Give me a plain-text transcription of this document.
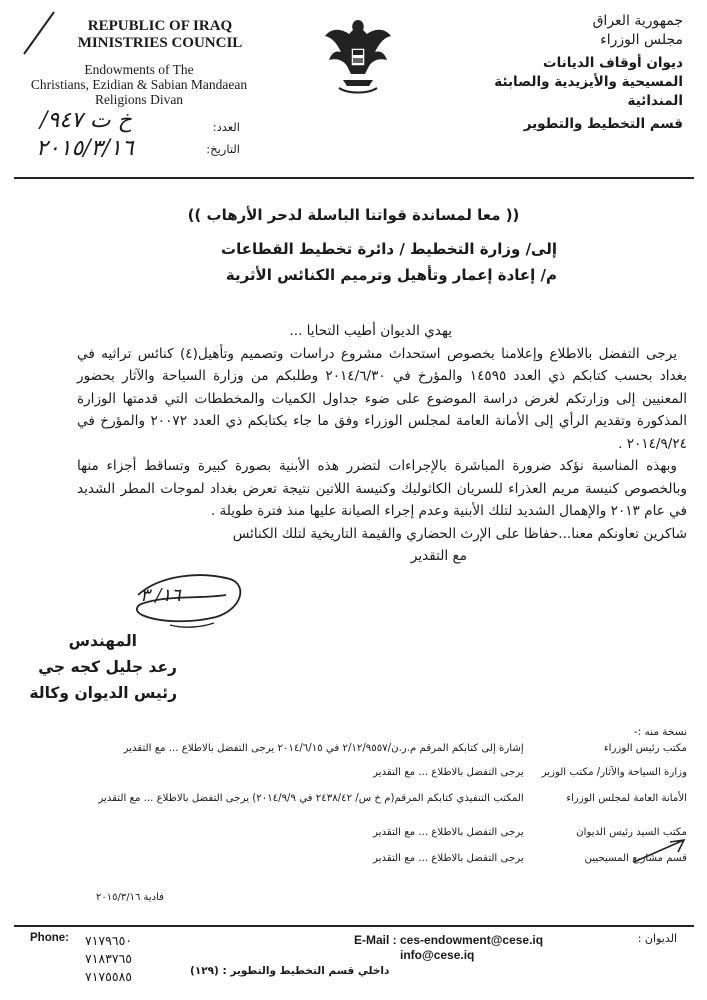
REPUBLIC OF IRAQ
MINISTRIES COUNCIL
Endowments of The
Christians, Ezidian & Sabian Mandaean
Religions Divan
جمهورية العراق
مجلس الوزراء
ديوان أوقاف الديانات
المسيحية والأيزيدية والصابئة المندائية
قسم التخطيط والتطوير
العدد:
التاريخ:
خ ت ٩٤٧/
٢٠١٥/٣/١٦
(( معا لمساندة قواتنا الباسلة لدحر الأرهاب ))
إلى/ وزارة التخطيط / دائرة تخطيط القطاعات
م/ إعادة إعمار وتأهيل وترميم الكنائس الأثرية

يهدي الديوان أطيب التحايا ...

يرجى التفضل بالاطلاع وإعلامنا بخصوص استحداث مشروع دراسات وتصميم وتأهيل(٤) كنائس تراثيه في بغداد بحسب كتابكم ذي العدد ١٤٥٩٥ والمؤرخ في ٢٠١٤/٦/٣٠ وطلبكم من وزارة السياحة والآثار بحضور المعنيين إلى وزارتكم لغرض دراسة الموضوع على ضوء جداول الكميات والمخططات التي قدمتها الوزارة المذكورة وتقديم الرأي إلى الأمانة العامة لمجلس الوزراء وفق ما جاء بكتابكم ذي العدد ٢٠٠٧٢ والمؤرخ في ٢٠١٤/٩/٢٤ .

وبهذه المناسبة نؤكد ضرورة المباشرة بالإجراءات لتضرر هذه الأبنية بصورة كبيرة وتساقط أجزاء منها وبالخصوص كنيسة مريم العذراء للسريان الكاثوليك وكنيسة اللاتين نتيجة تعرض بغداد لموجات المطر الشديد في عام ٢٠١٣ والإهمال الشديد لتلك الأبنية وعدم إجراء الصيانة عليها منذ فترة طويلة .

شاكرين تعاونكم معنا...حفاظا على الإرث الحضاري والقيمة التاريخية لتلك الكنائس

مع التقدير

١٦/ ٣
المهندس
رعد جليل كجه جي
رئيس الديوان وكالة
نسخة منه :-
مكتب رئيس الوزراء إشارة إلى كتابكم المرقم م.ر.ن/٢/١٢/٩٥٥٧ في ٢٠١٤/٦/١٥ يرجى التفضل بالاطلاع ... مع التقدير
وزارة السياحة والآثار/ مكتب الوزير يرجى التفضل بالاطلاع ... مع التقدير
الأمانة العامة لمجلس الوزراء المكتب التنفيذي كتابكم المرقم(م خ س/ ٢٤٣٨/٤٢ في ٢٠١٤/٩/٩) يرجى التفضل بالاطلاع ... مع التقدير
مكتب السيد رئيس الديوان يرجى التفضل بالاطلاع ... مع التقدير
قسم مشاريع المسيحيين يرجى التفضل بالاطلاع ... مع التقدير
فادية ٢٠١٥/٣/١٦
Phone: ٧١٧٩٦٥٠
٧١٨٣٧٦٥
٧١٧٥٥٨٥
E-Mail : ces-endowment@cese.iq
info@cese.iq
الديوان :
داخلي قسم التخطيط والتطوير : (١٢٩)
